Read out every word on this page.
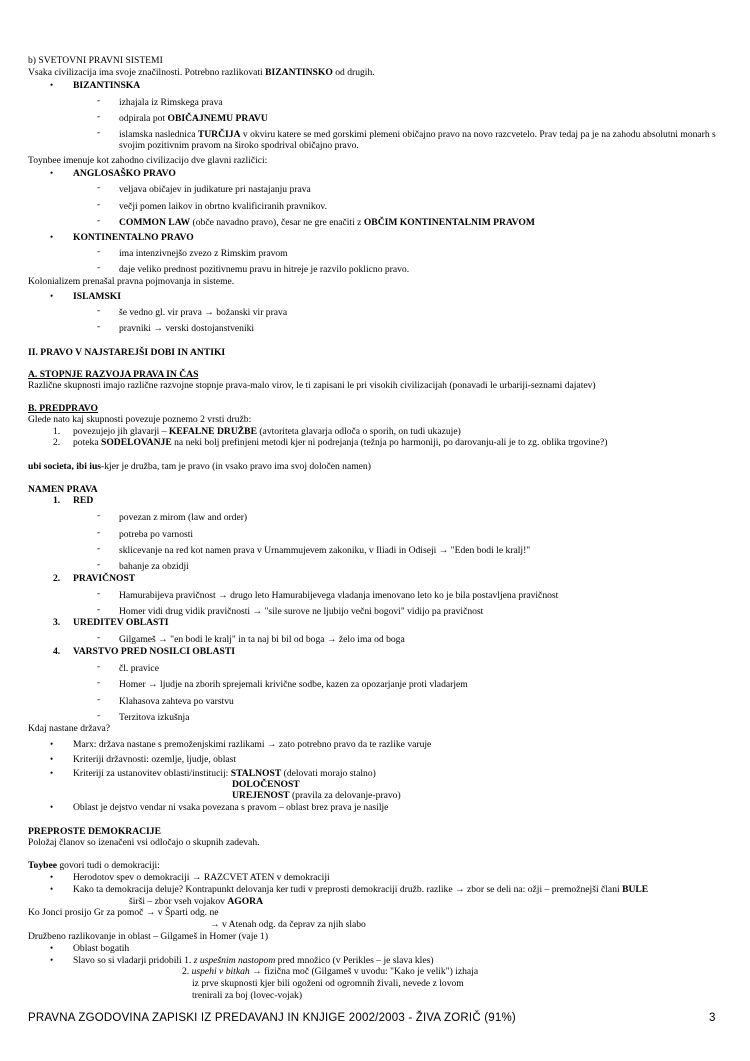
b) SVETOVNI PRAVNI SISTEMI
Vsaka civilizacija ima svoje značilnosti. Potrebno razlikovati BIZANTINSKO od drugih.
• BIZANTINSKA
- izhajala iz Rimskega prava
- odpirala pot OBIČAJNEMU PRAVU
- islamska naslednica TURČIJA v okviru katere se med gorskimi plemeni običajno pravo na novo razcvetelo. Prav tedaj pa je na zahodu absolutni monarh s svojim pozitivnim pravom na široko spodrival običajno pravo.
Toynbee imenuje kot zahodno civilizacijo dve glavni različici:
• ANGLOSAŠKO PRAVO
- veljava običajev in judikature pri nastajanju prava
- večji pomen laikov in obrtno kvalificiranih pravnikov.
- COMMON LAW (obče navadno pravo), česar ne gre enačiti z OBČIM KONTINENTALNIM PRAVOM
• KONTINENTALNO PRAVO
- ima intenzivnejšo zvezo z Rimskim pravom
- daje veliko prednost pozitivnemu pravu in hitreje je razvilo poklicno pravo.
Kolonializem prenašal pravna pojmovanja in sisteme.
• ISLAMSKI
- še vedno gl. vir prava → božanski vir prava
- pravniki → verski dostojanstveniki
II. PRAVO V NAJSTAREJŠI DOBI IN ANTIKI
A. STOPNJE RAZVOJA PRAVA IN ČAS
Različne skupnosti imajo različne razvojne stopnje prava-malo virov, le ti zapisani le pri visokih civilizacijah (ponavadi le urbariji-seznami dajatev)
B. PREDPRAVO
Glede nato kaj skupnosti povezuje poznemo 2 vrsti družb:
1. povezujejo jih glavarji – KEFALNE DRUŽBE (avtoriteta glavarja odloča o sporih, on tudi ukazuje)
2. poteka SODELOVANJE na neki bolj prefinjeni metodi kjer ni podrejanja (težnja po harmoniji, po darovanju-ali je to zg. oblika trgovine?)
ubi societa, ibi ius-kjer je družba, tam je pravo (in vsako pravo ima svoj določen namen)
NAMEN PRAVA
1. RED
- povezan z mirom (law and order)
- potreba po varnosti
- sklicevanje na red kot namen prava v Urnammujevem zakoniku, v Iliadi in Odiseji → "Eden bodi le kralj!"
- bahanje za obzidji
2. PRAVIČNOST
- Hamurabijeva pravičnost → drugo leto Hamurabijevega vladanja imenovano leto ko je bila postavljena pravičnost
- Homer vidi drug vidik pravičnosti → "sile surove ne ljubijo večni bogovi" vidijo pa pravičnost
3. UREDITEV OBLASTI
- Gilgameš → "en bodi le kralj" in ta naj bi bil od boga → želo ima od boga
4. VARSTVO PRED NOSILCI OBLASTI
- čl. pravice
- Homer → ljudje na zborih sprejemali krivične sodbe, kazen za opozarjanje proti vladarjem
- Klahasova zahteva po varstvu
- Terzitova izkušnja
Kdaj nastane država?
• Marx: država nastane s premoženjskimi razlikami → zato potrebno pravo da te razlike varuje
• Kriteriji državnosti: ozemlje, ljudje, oblast
• Kriteriji za ustanovitev oblasti/institucij: STALNOST (delovati morajo stalno)
DOLOČENOST
UREJENOST (pravila za delovanje-pravo)
• Oblast je dejstvo vendar ni vsaka povezana s pravom – oblast brez prava je nasilje
PREPROSTE DEMOKRACIJE
Položaj članov so izenačeni vsi odločajo o skupnih zadevah.
Toybee govori tudi o demokraciji:
• Herodotov spev o demokraciji → RAZCVET ATEN v demokraciji
• Kako ta demokracija deluje? Kontrapunkt delovanja ker tudi v preprosti demokraciji družb. razlike → zbor se deli na: ožji – premožnejši člani BULE
širši – zbor vseh vojakov AGORA
Ko Jonci prosijo Gr za pomoč → v Šparti odg. ne
→ v Atenah odg. da čeprav za njih slabo
Družbeno razlikovanje in oblast – Gilgameš in Homer (vaje 1)
• Oblast bogatih
• Slavo so si vladarji pridobili 1. z uspešnim nastopom pred množico (v Perikles – je slava kles)
2. uspehi v bitkah → fizična moč (Gilgameš v uvodu: "Kako je velik") izhaja
iz prve skupnosti kjer bili ogoženi od ogromnih živali, nevede z lovom
trenirali za boj (lovec-vojak)
PRAVNA ZGODOVINA ZAPISKI IZ PREDAVANJ IN KNJIGE 2002/2003 - ŽIVA ZORIČ (91%)	3
